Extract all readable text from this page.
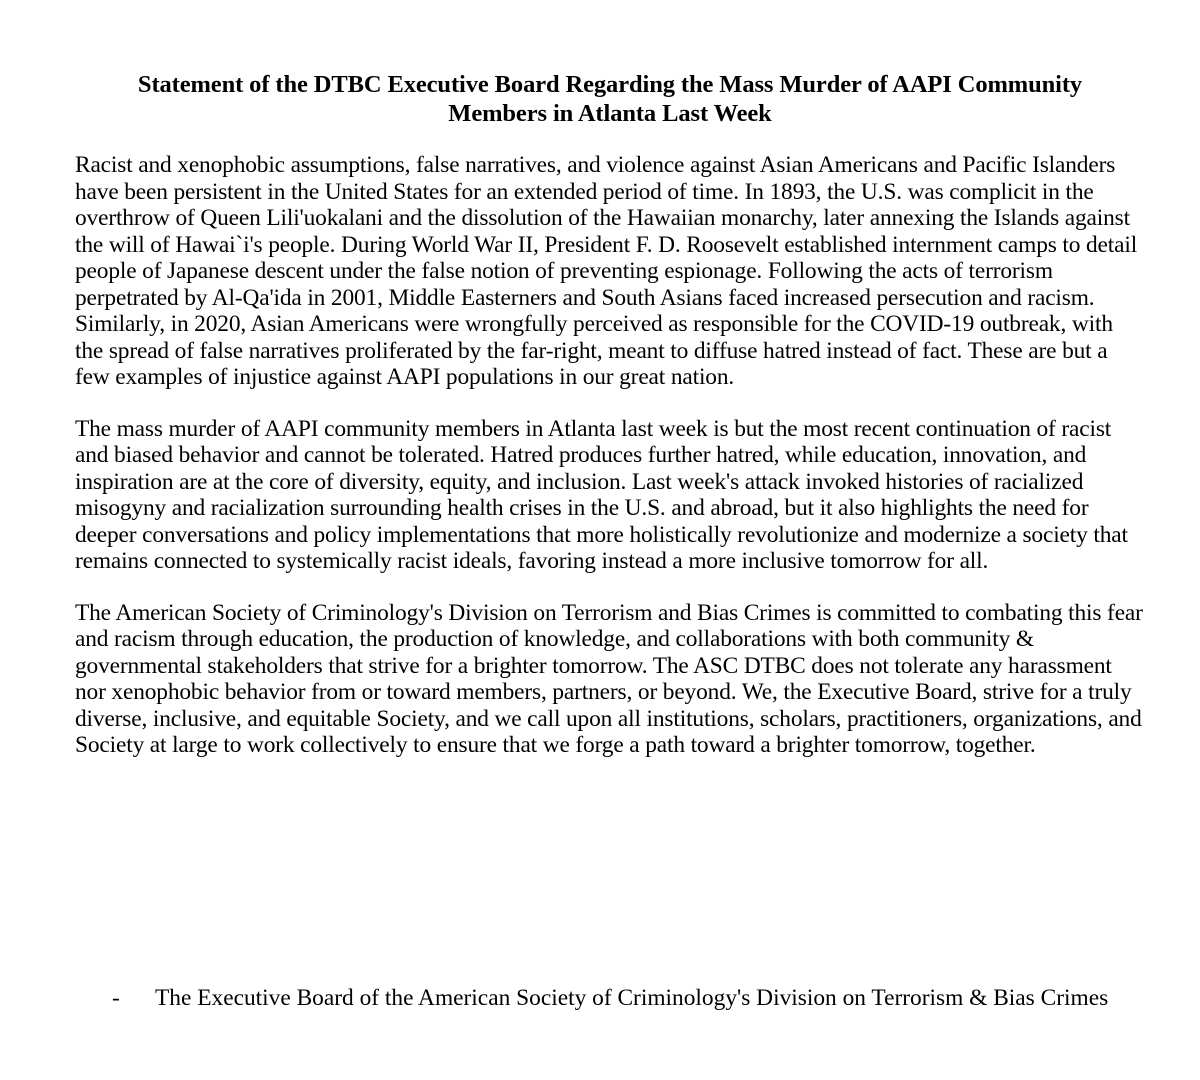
Statement of the DTBC Executive Board Regarding the Mass Murder of AAPI Community
Members in Atlanta Last Week

Racist and xenophobic assumptions, false narratives, and violence against Asian Americans and Pacific Islanders have been persistent in the United States for an extended period of time. In 1893, the U.S. was complicit in the overthrow of Queen Lili'uokalani and the dissolution of the Hawaiian monarchy, later annexing the Islands against the will of Hawai`i's people. During World War II, President F. D. Roosevelt established internment camps to detail people of Japanese descent under the false notion of preventing espionage. Following the acts of terrorism perpetrated by Al-Qa'ida in 2001, Middle Easterners and South Asians faced increased persecution and racism. Similarly, in 2020, Asian Americans were wrongfully perceived as responsible for the COVID-19 outbreak, with the spread of false narratives proliferated by the far-right, meant to diffuse hatred instead of fact. These are but a few examples of injustice against AAPI populations in our great nation.

The mass murder of AAPI community members in Atlanta last week is but the most recent continuation of racist and biased behavior and cannot be tolerated. Hatred produces further hatred, while education, innovation, and inspiration are at the core of diversity, equity, and inclusion. Last week's attack invoked histories of racialized misogyny and racialization surrounding health crises in the U.S. and abroad, but it also highlights the need for deeper conversations and policy implementations that more holistically revolutionize and modernize a society that remains connected to systemically racist ideals, favoring instead a more inclusive tomorrow for all.

The American Society of Criminology's Division on Terrorism and Bias Crimes is committed to combating this fear and racism through education, the production of knowledge, and collaborations with both community & governmental stakeholders that strive for a brighter tomorrow. The ASC DTBC does not tolerate any harassment nor xenophobic behavior from or toward members, partners, or beyond. We, the Executive Board, strive for a truly diverse, inclusive, and equitable Society, and we call upon all institutions, scholars, practitioners, organizations, and Society at large to work collectively to ensure that we forge a path toward a brighter tomorrow, together.

-	The Executive Board of the American Society of Criminology's Division on Terrorism & Bias Crimes
